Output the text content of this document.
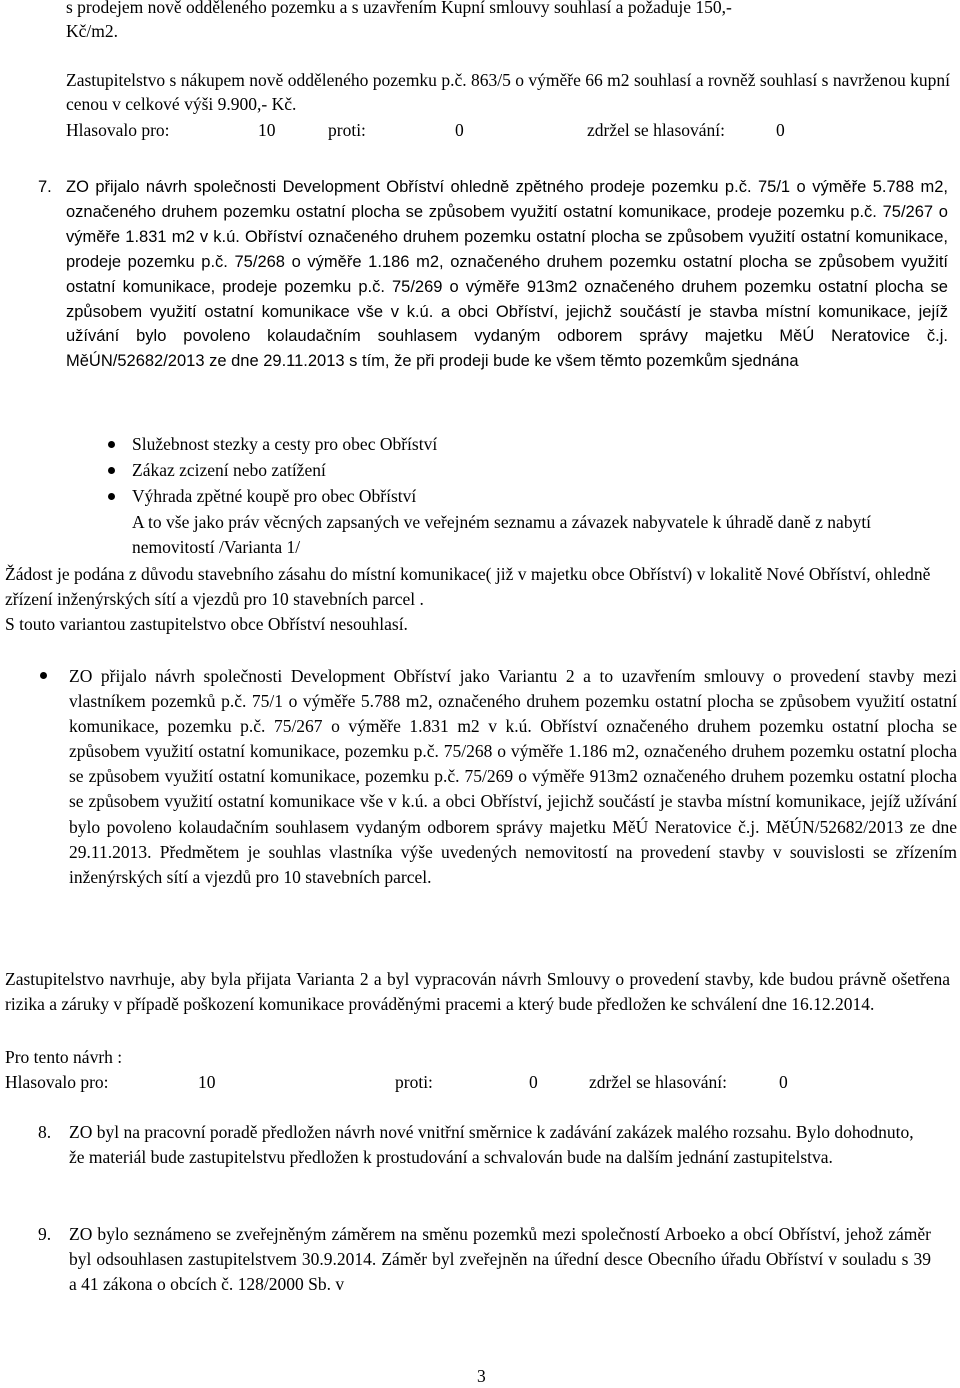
s prodejem nově odděleného pozemku a s uzavřením Kupní smlouvy souhlasí a požaduje 150,-
Kč/m2.
Zastupitelstvo s nákupem nově odděleného pozemku p.č. 863/5 o výměře 66 m2 souhlasí a rovněž souhlasí s navrženou kupní cenou v celkové výši 9.900,- Kč.
Hlasovalo pro:	10	proti:	0	zdržel se hlasování:	0
7. ZO přijalo návrh společnosti Development Obříství ohledně zpětného prodeje pozemku p.č. 75/1 o výměře 5.788 m2, označeného druhem pozemku ostatní plocha se způsobem využití ostatní komunikace, prodeje pozemku p.č. 75/267 o výměře 1.831 m2 v k.ú. Obříství označeného druhem pozemku ostatní plocha se způsobem využití ostatní komunikace, prodeje pozemku p.č. 75/268 o výměře 1.186 m2, označeného druhem pozemku ostatní plocha se způsobem využití ostatní komunikace, prodeje pozemku p.č. 75/269 o výměře 913m2 označeného druhem pozemku ostatní plocha se způsobem využití ostatní komunikace vše v k.ú. a obci Obříství, jejichž součástí je stavba místní komunikace, jejíž užívání bylo povoleno kolaudačním souhlasem vydaným odborem správy majetku MěÚ Neratovice č.j. MěÚN/52682/2013 ze dne 29.11.2013 s tím, že při prodeji bude ke všem těmto pozemkům sjednána
Služebnost stezky a cesty pro obec Obříství
Zákaz zcizení nebo zatížení
Výhrada zpětné koupě pro obec Obříství
A to vše jako práv věcných zapsaných ve veřejném seznamu a závazek nabyvatele k úhradě daně z nabytí nemovitostí /Varianta 1/
Žádost je podána z důvodu stavebního zásahu do místní komunikace( již v majetku obce Obříství) v lokalitě Nové Obříství, ohledně zřízení inženýrských sítí a vjezdů pro 10 stavebních parcel .
S touto variantou zastupitelstvo obce Obříství nesouhlasí.
ZO přijalo návrh společnosti Development Obříství jako Variantu 2 a to uzavřením smlouvy o provedení stavby mezi vlastníkem pozemků p.č. 75/1 o výměře 5.788 m2, označeného druhem pozemku ostatní plocha se způsobem využití ostatní komunikace, pozemku p.č. 75/267 o výměře 1.831 m2 v k.ú. Obříství označeného druhem pozemku ostatní plocha se způsobem využití ostatní komunikace, pozemku p.č. 75/268 o výměře 1.186 m2, označeného druhem pozemku ostatní plocha se způsobem využití ostatní komunikace, pozemku p.č. 75/269 o výměře 913m2 označeného druhem pozemku ostatní plocha se způsobem využití ostatní komunikace vše v k.ú. a obci Obříství, jejichž součástí je stavba místní komunikace, jejíž užívání bylo povoleno kolaudačním souhlasem vydaným odborem správy majetku MěÚ Neratovice č.j. MěÚN/52682/2013 ze dne 29.11.2013. Předmětem je souhlas vlastníka výše uvedených nemovitostí na provedení stavby v souvislosti se zřízením inženýrských sítí a vjezdů pro 10 stavebních parcel.
Zastupitelstvo navrhuje, aby byla přijata Varianta 2 a byl vypracován návrh Smlouvy o provedení stavby, kde budou právně ošetřena rizika a záruky v případě poškození komunikace prováděnými pracemi a který bude předložen ke schválení dne 16.12.2014.
Pro tento návrh :
Hlasovalo pro:	10	proti:	0	zdržel se hlasování:	0
8. ZO byl na pracovní poradě předložen návrh nové vnitřní směrnice k zadávání zakázek malého rozsahu. Bylo dohodnuto, že materiál bude zastupitelstvu předložen k prostudování a schvalován bude na dalším jednání zastupitelstva.
9. ZO bylo seznámeno se zveřejněným záměrem na směnu pozemků mezi společností Arboeko a obcí Obříství, jehož záměr byl odsouhlasen zastupitelstvem 30.9.2014. Záměr byl zveřejněn na úřední desce Obecního úřadu Obříství v souladu s 39 a 41 zákona o obcích č. 128/2000 Sb. v
3
